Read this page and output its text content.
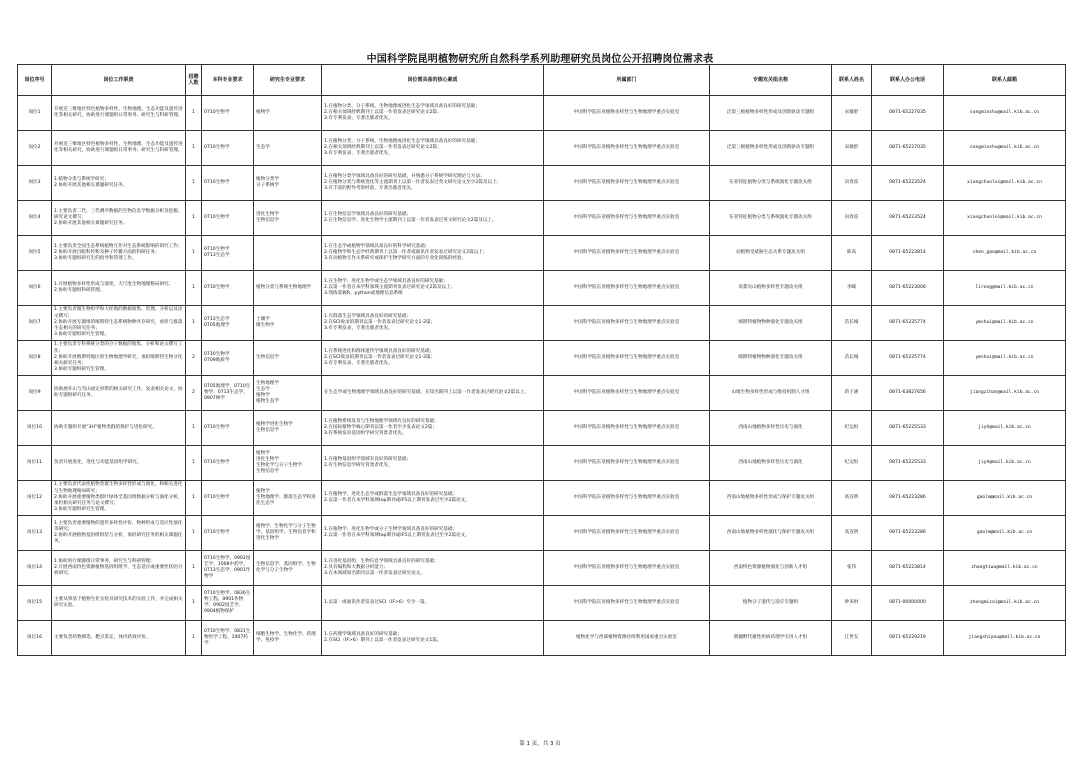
中国科学院昆明植物研究所自然科学系列助理研究员岗位公开招聘岗位需求表
岗位序号	岗位工作职责	招聘人数	本科专业要求	研究生专业要求	岗位需具备的核心素质	所属部门	专题攻关组名称	联系人姓名	联系人办公电话	联系人邮箱
岗位1	开展近三维地区特色植物多样性、生物地理、生态功能及遗传进化等相关研究，协助进行课题组日常事务、研究生与科研管理。	1	0710生物学	植物学	1.在植物分类、分子系统、生物地理或进化生态学领域具备良好的研究基础；
2.在相关领域经典期刊上以第一作者发表过研究论文2篇；
3.有专利发表、专著出版者优先。	中国科学院东亚植物多样性与生物地理学重点实验室	泛第三极植物多样性形成及创新驱动专题组	宋敏舒	0871-65227035	songminshu@mail.kib.ac.cn
岗位2	开展近三维地区特色植物多样性、生物地理、生态功能及遗传进化等相关研究，协助进行课题组日常事务、研究生与科研管理。	1	0710生物学	生态学	1.在植物分类、分子系统、生物地理或进化生态学领域具备良好的研究基础；
2.在相关领域经典期刊上以第一作者发表过研究论文2篇；
3.有专利发表、专著出版者优先。	中国科学院东亚植物多样性与生物地理学重点实验室	泛第三极植物多样性形成及创新驱动专题组	宋敏舒	0871-65227035	songminshu@mail.kib.ac.cn
岗位3	1.植物分类与系统学研究；
2.协助开展其他相关课题研究任务。	1	0710生物学	植物分类学
分子系统学	1.在植物分类学领域具备良好的研究基础，并熟悉分子系统学研究理论与方法；
2.在植物分类与系统进化等主流期刊上以第一作者发表过英文研究论文至少2篇及以上；
3.有丰富的野外考察经验、专著出版者优先。	中国科学院东亚植物多样性与生物地理学重点实验室	东亚特征植物分类与系统演化专题攻关组	向春雷	0871-65223524	xiangchunlei@mail.kib.ac.cn
岗位4	1.主要负责二代、三代测序数据的生物信息学数据分析及挖掘、研究论文撰写；
2.协助开展其他相关课题研究任务。	1	0710生物学	进化生物学
生物信息学	1.在生物信息学领域具备良好的研究基础；
2.在生物信息学、进化生物学主流期刊上以第一作者发表过英文研究论文2篇及以上。	中国科学院东亚植物多样性与生物地理学重点实验室	东亚特征植物分类与系统演化专题攻关组	向春雷	0871-65223524	xiangchunlei@mail.kib.ac.cn
岗位5	1.主要负责全国生态系统植物互作对生态系统影响的研究工作；
2.协助开展百眼科传粉及种子传播方面的科研任务；
3.协助专题组研究生的指导和管理工作。	1	0710生物学
0713生态学		1.在生态学或植物学领域具备良好的科学研究基础；
2.在植物学和生态学经典期刊上以第一作者或通讯作者发表过研究论文2篇以上；
3.有动植物互作关系研究或保护生物学研究方面的专业化训练的经验。	中国科学院东亚植物多样性与生物地理学重点实验室	动植物受威胁生态关系专题攻关组	陈高	0871-65223814	chen_gao@mail.kib.ac.cn
岗位6	1.开展植物多样性形成与演变、大尺度生物地理格局研究；
2.协助专题组科研管理。	1	0710生物学	植物分类与系统生物地理学	1.在生物学、进化生物学或生态学领域具备良好的研究基础；
2.以第一作者在本学科领域主流期刊发表过研究论文2篇及以上；
3.熟练掌握R、python或地理信息系统	中国科学院东亚植物多样性与生物地理学重点实验室	高黎贡山植物多样性专题攻关组	李嵘	0871-65223006	lirong@mail.kib.ac.cn
岗位7	1.主要负责微生物组学和大样地的数据收集、管理、分析以及论文撰写；
2.协助开展专题组的喀斯特生态系统物种共存研究，承担与群落生态相关的研究任务；
3.协助专题组研究生管理。	1	0713生态学
0705地理学	土壤学
微生物学	1.在群落生态学领域具备良好的研究基础；
2.在SCI收录的期刊以第一作者发表过研究论文1-2篇；
3.有专利发表、专著出版者优先。	中国科学院东亚植物多样性与生物地理学重点实验室	喀斯特植物物种演化专题攻关组	苗长城	0871-65225774	ymshui@mail.kib.ac.cn
岗位8	1.主要负责专科系统分类的分子数据的收集、分析和论文撰写工作；
2.协助开展喀斯特地区的生物地理学研究，承担喀斯特生物分化相关研究任务；
3.协助专题组研究生管理。	2	0710生物学
0709地质学	生物信息学	1.在系统进化和群体遗传学领域具备良好的研究基础；
2.在SCI收录的期刊以第一作者发表过研究论文1-2篇；
3.有专利发表、专著出版者优先。	中国科学院东亚植物多样性与生物地理学重点实验室	喀斯特植物物种演化专题攻关组	苗长城	0871-65225774	ymshui@mail.kib.ac.cn
岗位9	协助展开山与雪山固定样带的相关研究工作，发表相关论文，协助专题组研究任务。	2	0705地理学，0710生物学，0713生态学，0907林学	生物地理学
生态学
植物学
植物生态学	在生态学或生物地理学领域具备良好的研究基础，在知名期刊上以第一作者发表过研究论文2篇以上。	中国科学院东亚植物多样性与生物地理学重点实验室	山地生物多样性形成与维持机制人才组	蒋子涵	0871-63827656	jiangzihan@mail.kib.ac.cn
岗位10	协助专题组开展“3H”植物类群的保护与进化研究。	1	0710生物学	植物学进化生物学
生物信息学	1.在植物系统发育与生物地理学领域有良好的研究基础；
2.在国际植物学核心期刊以第一作者至少发表论文2篇；
3.有系统发育基因组学研究背景者优先。	中国科学院东亚植物多样性与生物地理学重点实验室	西南山地植物多样性历史与演化	纪运恒	0871-65225533	jiyh@mail.kib.ac.cn
岗位11	负责开展进化、进化与功能基因组学研究。	1	0710生物学	植物学
进化生物学
生物化学与分子生物学
生物信息学	1.在植物基因组学领域有良好的研究基础；
2.有生物信息学研究背景者优先。	中国科学院东亚植物多样性与生物地理学重点实验室	西南山地植物多样性历史与演化	纪运恒	0871-65225533	jiyh@mail.kib.ac.cn
岗位12	1.主要负责代表性植物类群生物多样性形成与演化，和相关进化与生物地理格局研究；
2.协助开展重要植物类群叶绿体全基因组数据分析与演化分析，承担相关研究任务与论文撰写；
3.协助专题组研究生管理。	1	0710生物学	植物学
生物地理学、群落生态学和进化生态学	1.在植物学、进化生态学或群落生态学领域具备良好的研究基础；
2.以第一作者在本学科领域top期刊或IF5以上期刊发表过至少2篇论文。	中国科学院东亚植物多样性与生物地理学重点实验室	西南山地植物多样性形成与保护专题攻关组	高连明	0871-65223286	gaolm@mail.kib.ac.cn
岗位13	1.主要负责重要植物的遗传多样性评价、物种形成与适应性演化等研究；
2.协助开展植物基因组组装与分析，承担研究任务的相关课题任务。	1	0710生物学	植物学、生物化学与分子生物学、基因组学、生物信息学和进化生物学	1.在植物学、进化生物学或分子生物学领域具备良好的研究基础；
2.以第一作者在本学科领域top期刊或IF5以上期刊发表过至少2篇论文。	中国科学院东亚植物多样性与生物地理学重点实验室	西南山地植物多样性演化与保护专题攻关组	高连明	0871-65223286	gaolm@mail.kib.ac.cn
岗位14	1.协助进行课题组日常事务、研究生与科研管理；
2.开展西南特色资源植物基因组组学、生态适应或重要性状的分析研究。	1	0710生物学、0902园艺学、1008中药学、0713生态学、0901作物学	生物信息学、基因组学、生物化学与分子生物学	1.在进化基因组、生物信息学领域具备良好的研究基础；
2.具有编程和大数据分析能力；
3.在本领域知名期刊以第一作者发表过研究论文。	中国科学院东亚植物多样性与生物地理学重点实验室	西南特色资源植物演化与创新人才组	张伟	0871-65223814	zhangtiwu@mail.kib.ac.cn
岗位15	主要从事基于植物生化实验及研究技术的实验工作，并完成相关研究实验。	1	0710生物学、0836生物工程、0901作物学、0902园艺学、0904植物保护		1.以第一或通讯作者发表过SCI（IF>6）至少一篇。	中国科学院东亚植物多样性与生物地理学重点实验室	植物分子遗传与适应专题组	钟来财	0871-00000000	zhongmicai@mail.kib.ac.cn
岗位16	主要负责药物筛选、靶点鉴定、体内药效评价。	1	0710生物学、0831生物医学工程、1007药学	细胞生物学、生物化学、药理学、免疫学	1.在药理学领域具备良好的研究基础；
2.在SCI（IF>6）期刊上以第一作者发表过研究论文1篇。	植物化学与西部植物资源持续利用国家重点实验室	新疆野代谢性疾病药理学引进人才组	江世友	0871-65229219	jiangshiyou@mail.kib.ac.cn
第 1 页，共 3 页
